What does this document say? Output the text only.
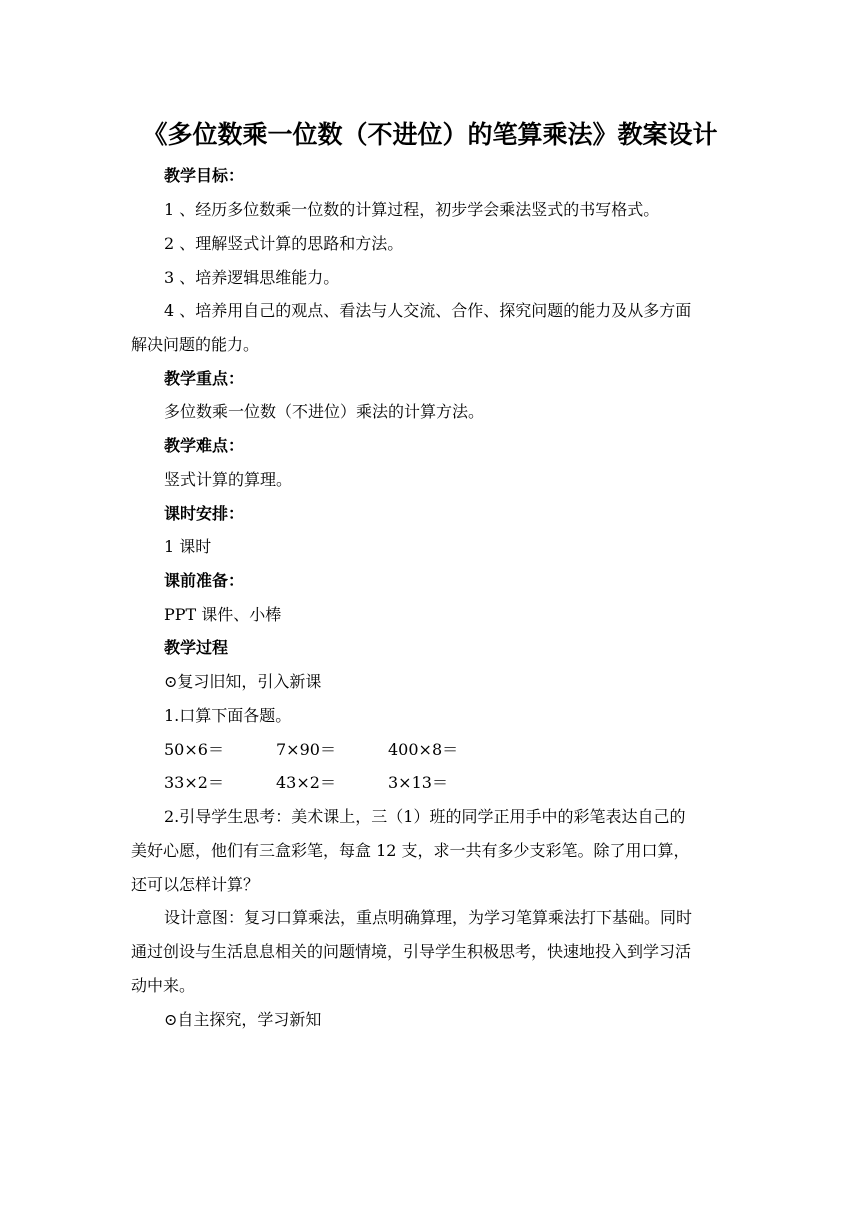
《多位数乘一位数（不进位）的笔算乘法》教案设计
教学目标：
1 、经历多位数乘一位数的计算过程，初步学会乘法竖式的书写格式。
2 、理解竖式计算的思路和方法。
3 、培养逻辑思维能力。
4 、培养用自己的观点、看法与人交流、合作、探究问题的能力及从多方面
解决问题的能力。
教学重点：
多位数乘一位数（不进位）乘法的计算方法。
教学难点：
竖式计算的算理。
课时安排：
1 课时
课前准备：
PPT 课件、小棒
教学过程
⊙复习旧知，引入新课
1.口算下面各题。
50×6＝	7×90＝	400×8＝
33×2＝	43×2＝	3×13＝
2.引导学生思考：美术课上，三（1）班的同学正用手中的彩笔表达自己的
美好心愿，他们有三盒彩笔，每盒 12 支，求一共有多少支彩笔。除了用口算，
还可以怎样计算？
设计意图：复习口算乘法，重点明确算理，为学习笔算乘法打下基础。同时
通过创设与生活息息相关的问题情境，引导学生积极思考，快速地投入到学习活
动中来。
⊙自主探究，学习新知
